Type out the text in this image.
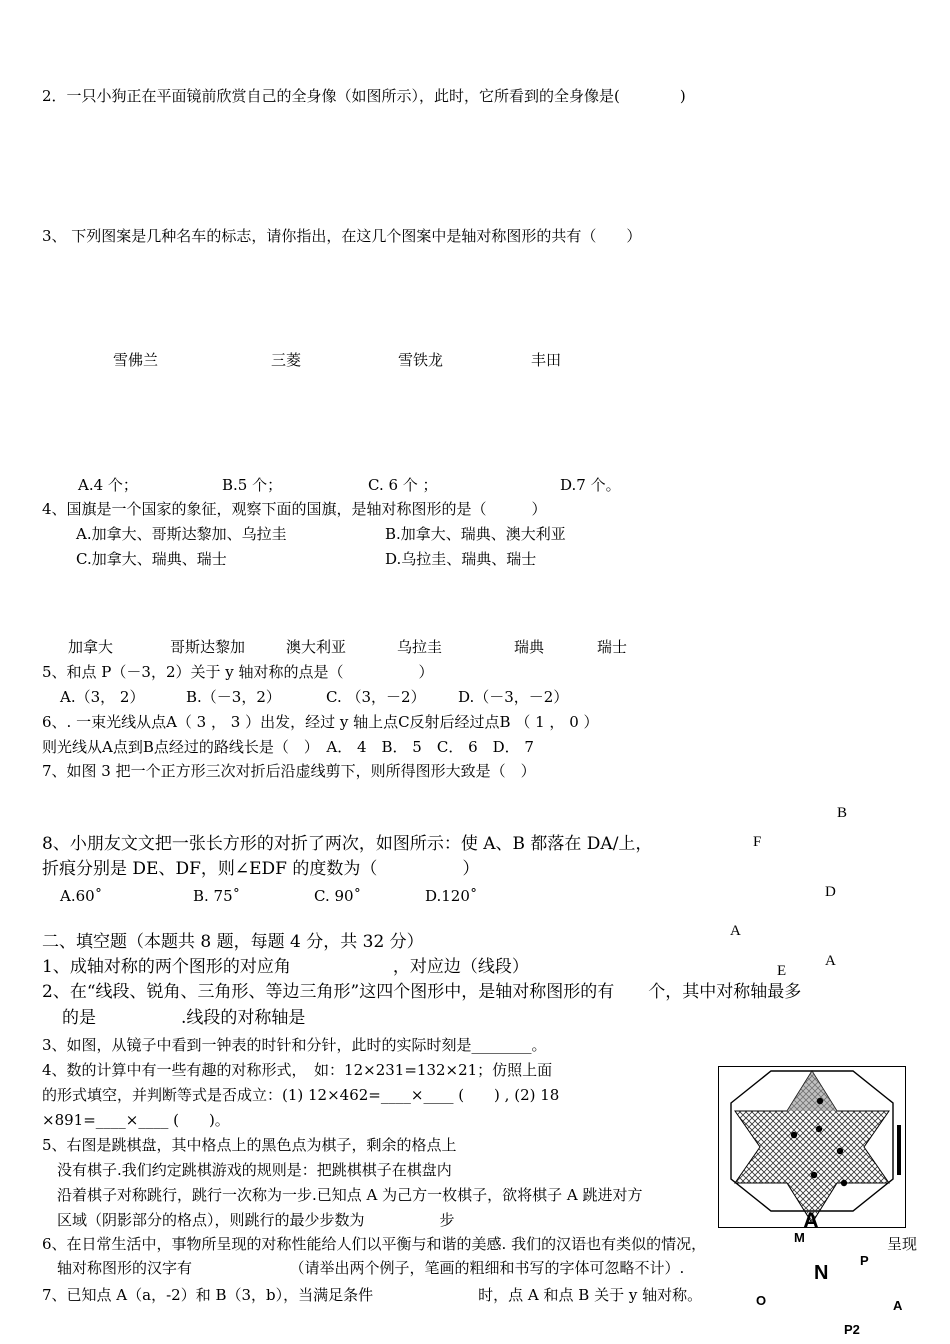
2．一只小狗正在平面镜前欣赏自己的全身像（如图所示），此时，它所看到的全身像是(　　　　)
3、 下列图案是几种名车的标志，请你指出，在这几个图案中是轴对称图形的共有（　　）
雪佛兰	三菱	雪铁龙	丰田
A.4 个；	B.5 个；	C. 6 个 ；	D.7 个。
4、国旗是一个国家的象征，观察下面的国旗，是轴对称图形的是（　　　）
A.加拿大、哥斯达黎加、乌拉圭	B.加拿大、瑞典、澳大利亚
C.加拿大、瑞典、瑞士	D.乌拉圭、瑞典、瑞士
加拿大	哥斯达黎加	澳大利亚	乌拉圭	瑞典	瑞士
5、和点 P（－3，2）关于 y 轴对称的点是（　　　　　）
A.（3， 2）	B.（－3，2）	C. （3，－2） D.（－3，－2）
6、. 一束光线从点A（ 3 ， 3 ）出发，经过 y 轴上点C反射后经过点B （ 1 ， 0 ）
则光线从A点到B点经过的路线长是（　）　A． 4　B． 5　C． 6　D． 7
7、如图 3 把一个正方形三次对折后沿虚线剪下，则所得图形大致是（　）
8、小朋友文文把一张长方形的对折了两次，如图所示：使 A、B 都落在 DA/上，
折痕分别是 DE、DF，则∠EDF 的度数为（　　　　　）
A.60˚	B. 75˚	C. 90˚	D.120˚
B
F
D
A
A
E
二、填空题（本题共 8 题，每题 4 分，共 32 分）
1、成轴对称的两个图形的对应角　　　　　　，对应边（线段）
2、在“线段、锐角、三角形、等边三角形”这四个图形中，是轴对称图形的有　　个，其中对称轴最多
的是　　　　　.线段的对称轴是
3、如图，从镜子中看到一钟表的时针和分针，此时的实际时刻是________。
4、数的计算中有一些有趣的对称形式，　如：12×231=132×21；仿照上面
的形式填空，并判断等式是否成立：(1) 12×462=____×____ (　　) , (2) 18
×891=____×____ (　　)。
5、右图是跳棋盘，其中格点上的黑色点为棋子，剩余的格点上
没有棋子.我们约定跳棋游戏的规则是：把跳棋棋子在棋盘内
沿着棋子对称跳行，跳行一次称为一步.已知点 A 为己方一枚棋子，欲将棋子 A 跳进对方
区域（阴影部分的格点），则跳行的最少步数为　　　　　步	A
6、在日常生活中，事物所呈现的对称性能给人们以平衡与和谐的美感. 我们的汉语也有类似的情况，	呈现
轴对称图形的汉字有　　　　　　　（请举出两个例子，笔画的粗细和书写的字体可忽略不计）.
7、已知点 A（a，-2）和 B（3，b），当满足条件　　　　　　　时，点 A 和点 B 关于 y 轴对称。
M
N
P
O	A
P2
